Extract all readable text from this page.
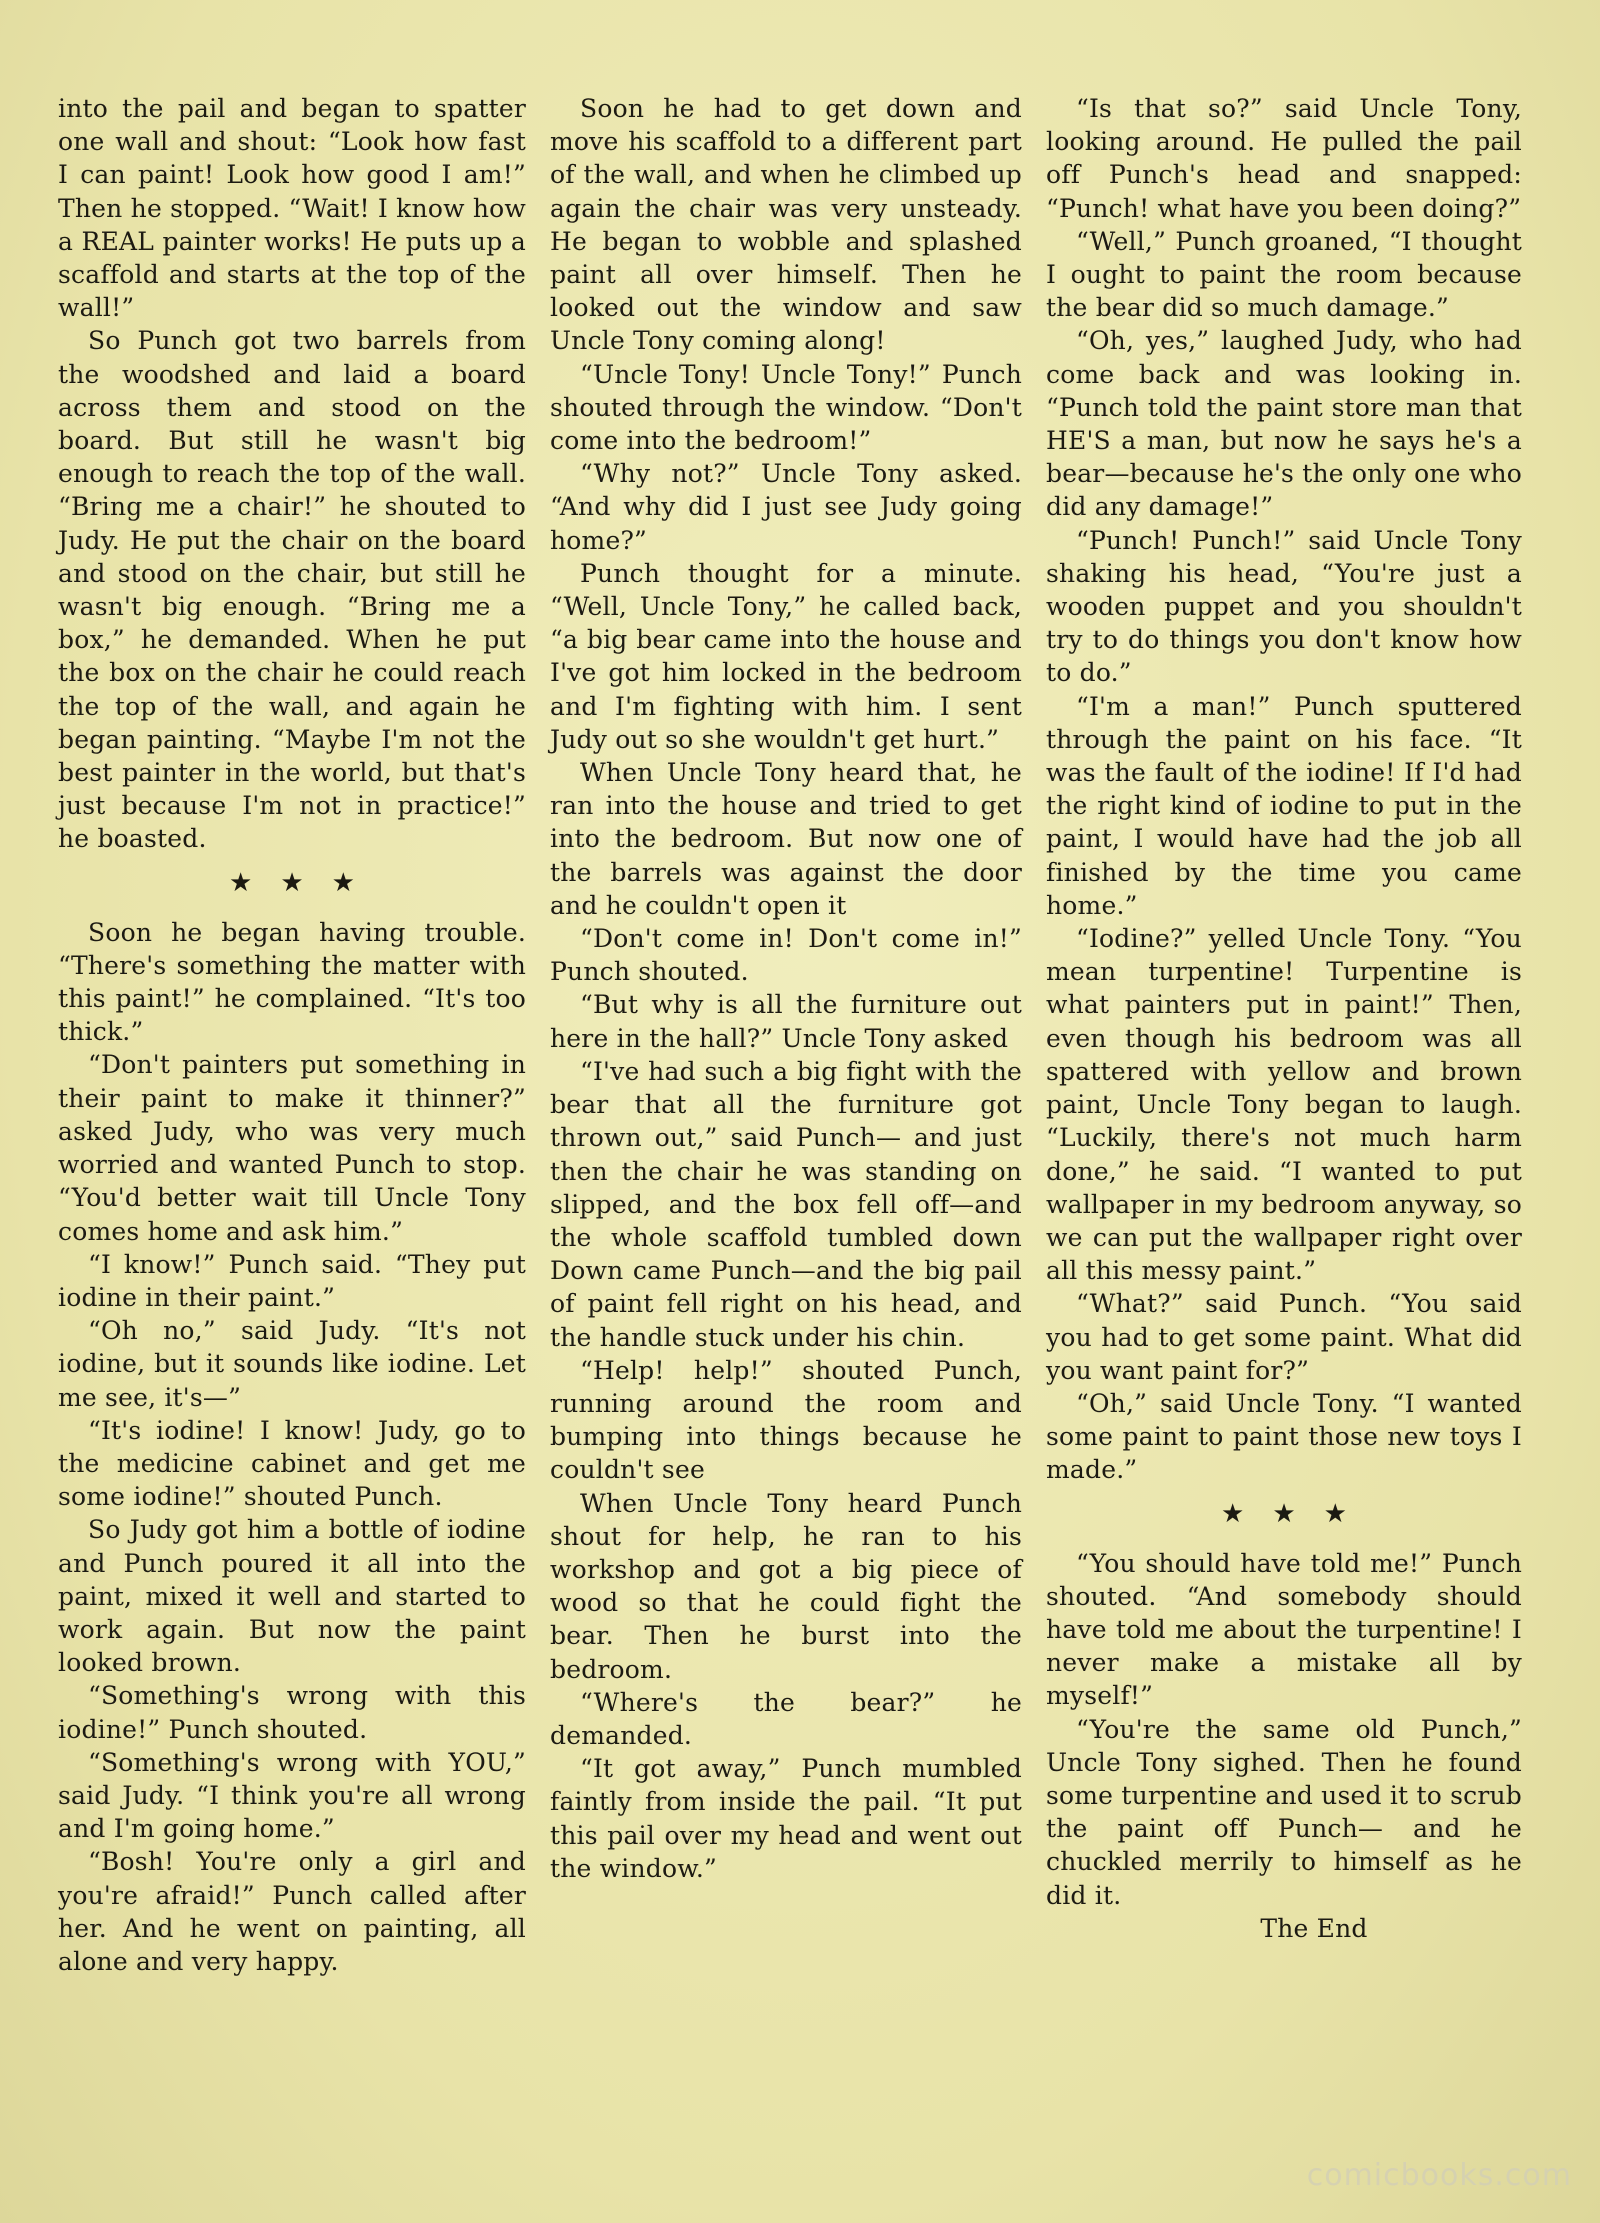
into the pail and began to spatter one wall and shout: “Look how fast I can paint! Look how good I am!” Then he stopped. “Wait! I know how a REAL painter works! He puts up a scaffold and starts at the top of the wall!”

So Punch got two barrels from the woodshed and laid a board across them and stood on the board. But still he wasn't big enough to reach the top of the wall. “Bring me a chair!” he shouted to Judy. He put the chair on the board and stood on the chair, but still he wasn't big enough. “Bring me a box,” he demanded. When he put the box on the chair he could reach the top of the wall, and again he began painting. “Maybe I'm not the best painter in the world, but that's just because I'm not in practice!” he boasted.

★★★

Soon he began having trouble. “There's something the matter with this paint!” he complained. “It's too thick.”

“Don't painters put something in their paint to make it thinner?” asked Judy, who was very much worried and wanted Punch to stop. “You'd better wait till Uncle Tony comes home and ask him.”

“I know!” Punch said. “They put iodine in their paint.”

“Oh no,” said Judy. “It's not iodine, but it sounds like iodine. Let me see, it's—”

“It's iodine! I know! Judy, go to the medicine cabinet and get me some iodine!” shouted Punch.

So Judy got him a bottle of iodine and Punch poured it all into the paint, mixed it well and started to work again. But now the paint looked brown.

“Something's wrong with this iodine!” Punch shouted.

“Something's wrong with YOU,” said Judy. “I think you're all wrong and I'm going home.”

“Bosh! You're only a girl and you're afraid!” Punch called after her. And he went on painting, all alone and very happy.

Soon he had to get down and move his scaffold to a different part of the wall, and when he climbed up again the chair was very unsteady. He began to wobble and splashed paint all over himself. Then he looked out the window and saw Uncle Tony coming along!

“Uncle Tony! Uncle Tony!” Punch shouted through the window. “Don't come into the bedroom!”

“Why not?” Uncle Tony asked. “And why did I just see Judy going home?”

Punch thought for a minute. “Well, Uncle Tony,” he called back, “a big bear came into the house and I've got him locked in the bedroom and I'm fighting with him. I sent Judy out so she wouldn't get hurt.”

When Uncle Tony heard that, he ran into the house and tried to get into the bedroom. But now one of the barrels was against the door and he couldn't open it

“Don't come in! Don't come in!” Punch shouted.

“But why is all the furniture out here in the hall?” Uncle Tony asked

“I've had such a big fight with the bear that all the furniture got thrown out,” said Punch— and just then the chair he was standing on slipped, and the box fell off—and the whole scaffold tumbled down Down came Punch—and the big pail of paint fell right on his head, and the handle stuck under his chin.

“Help! help!” shouted Punch, running around the room and bumping into things because he couldn't see

When Uncle Tony heard Punch shout for help, he ran to his workshop and got a big piece of wood so that he could fight the bear. Then he burst into the bedroom.

“Where's the bear?” he demanded.

“It got away,” Punch mumbled faintly from inside the pail. “It put this pail over my head and went out the window.”

“Is that so?” said Uncle Tony, looking around. He pulled the pail off Punch's head and snapped: “Punch! what have you been doing?”

“Well,” Punch groaned, “I thought I ought to paint the room because the bear did so much damage.”

“Oh, yes,” laughed Judy, who had come back and was looking in. “Punch told the paint store man that HE'S a man, but now he says he's a bear—because he's the only one who did any damage!”

“Punch! Punch!” said Uncle Tony shaking his head, “You're just a wooden puppet and you shouldn't try to do things you don't know how to do.”

“I'm a man!” Punch sputtered through the paint on his face. “It was the fault of the iodine! If I'd had the right kind of iodine to put in the paint, I would have had the job all finished by the time you came home.”

“Iodine?” yelled Uncle Tony. “You mean turpentine! Turpentine is what painters put in paint!” Then, even though his bedroom was all spattered with yellow and brown paint, Uncle Tony began to laugh. “Luckily, there's not much harm done,” he said. “I wanted to put wallpaper in my bedroom anyway, so we can put the wallpaper right over all this messy paint.”

“What?” said Punch. “You said you had to get some paint. What did you want paint for?”

“Oh,” said Uncle Tony. “I wanted some paint to paint those new toys I made.”

★★★

“You should have told me!” Punch shouted. “And somebody should have told me about the turpentine! I never make a mistake all by myself!”

“You're the same old Punch,” Uncle Tony sighed. Then he found some turpentine and used it to scrub the paint off Punch— and he chuckled merrily to himself as he did it.

The End

comicbooks.com
